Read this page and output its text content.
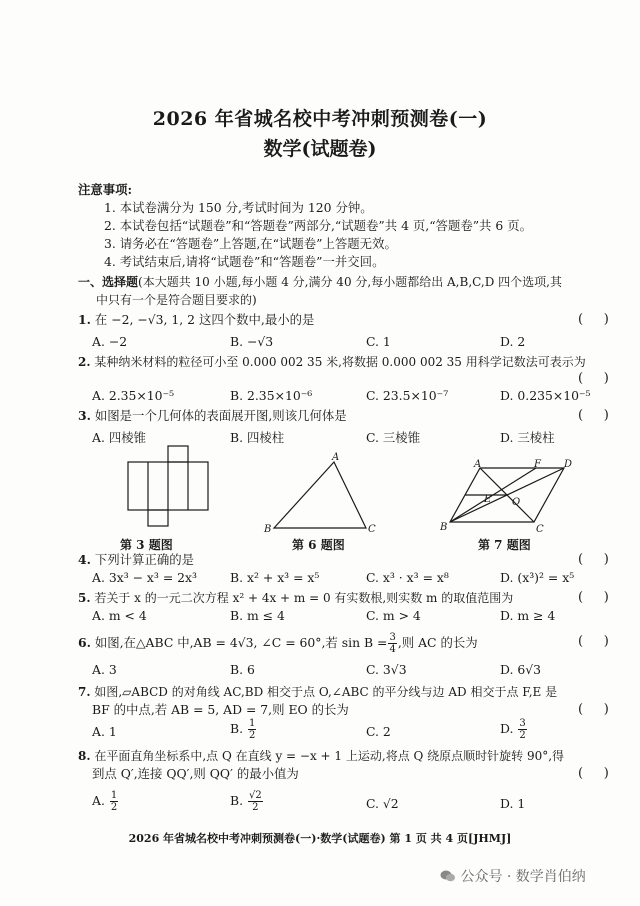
2026 年省城名校中考冲刺预测卷(一)
数学(试题卷)
注意事项:
1. 本试卷满分为 150 分,考试时间为 120 分钟。
2. 本试卷包括“试题卷”和“答题卷”两部分,“试题卷”共 4 页,“答题卷”共 6 页。
3. 请务必在“答题卷”上答题,在“试题卷”上答题无效。
4. 考试结束后,请将“试题卷”和“答题卷”一并交回。
一、选择题(本大题共 10 小题,每小题 4 分,满分 40 分,每小题都给出 A,B,C,D 四个选项,其
中只有一个是符合题目要求的)
1. 在 −2, −√3, 1, 2 这四个数中,最小的是	(     )
A. −2	B. −√3	C. 1	D. 2
2. 某种纳米材料的粒径可小至 0.000 002 35 米,将数据 0.000 002 35 用科学记数法可表示为
(     )
A. 2.35×10⁻⁵	B. 2.35×10⁻⁶	C. 23.5×10⁻⁷	D. 0.235×10⁻⁵
3. 如图是一个几何体的表面展开图,则该几何体是	(     )
A. 四棱锥	B. 四棱柱	C. 三棱锥	D. 三棱柱
第 3 题图
A
B	C
第 6 题图
A	F D
E O
B	C
第 7 题图
4. 下列计算正确的是	(     )
A. 3x³ − x³ = 2x³	B. x² + x³ = x⁵	C. x³ · x³ = x⁸	D. (x³)² = x⁵
5. 若关于 x 的一元二次方程 x² + 4x + m = 0 有实数根,则实数 m 的取值范围为	(     )
A. m < 4	B. m ≤ 4	C. m > 4	D. m ≥ 4
6. 如图,在△ABC 中,AB = 4√3, ∠C = 60°,若 $\sin B = \frac{3}{4}$ ,则 AC 的长为	(     )
A. 3	B. 6	C. 3√3	D. 6√3
7. 如图,▱ABCD 的对角线 AC,BD 相交于点 O,∠ABC 的平分线与边 AD 相交于点 F,E 是
BF 的中点,若 AB = 5, AD = 7,则 EO 的长为	(     )
A. 1	B. $\frac{1}{2}$	C. 2	D. $\frac{3}{2}$
8. 在平面直角坐标系中,点 Q 在直线 y = −x + 1 上运动,将点 Q 绕原点顺时针旋转 90°,得
到点 Q′,连接 QQ′,则 QQ′ 的最小值为	(     )
A. $\frac{1}{2}$	B. $\frac{√2}{2}$	C. √2	D. 1
2026 年省城名校中考冲刺预测卷(一)·数学(试题卷) 第 1 页 共 4 页[JHMJ]
公众号 · 数学肖伯纳
